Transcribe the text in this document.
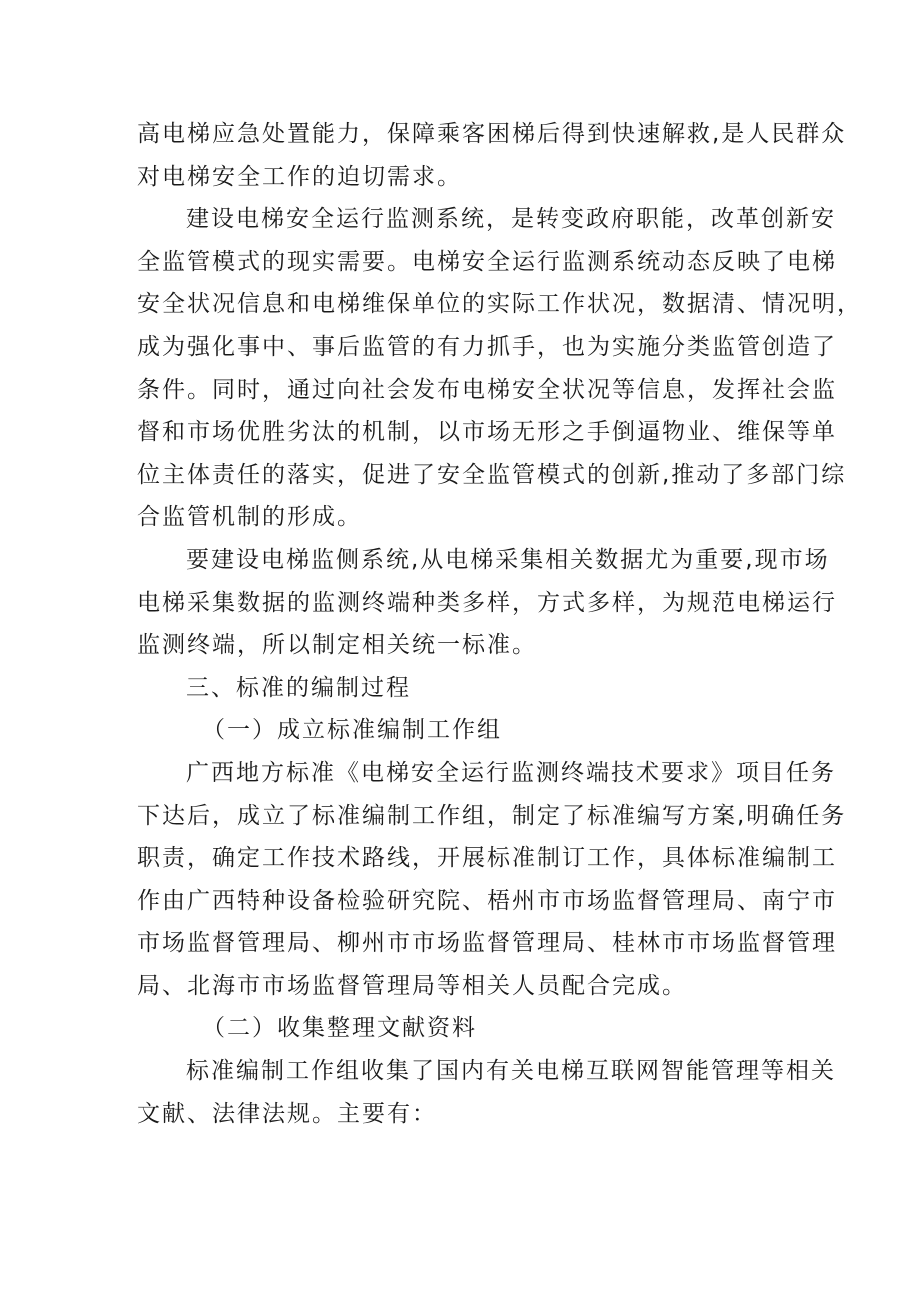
高电梯应急处置能力，保障乘客困梯后得到快速解救,是人民群众
对电梯安全工作的迫切需求。
建设电梯安全运行监测系统，是转变政府职能，改革创新安
全监管模式的现实需要。电梯安全运行监测系统动态反映了电梯
安全状况信息和电梯维保单位的实际工作状况，数据清、情况明，
成为强化事中、事后监管的有力抓手，也为实施分类监管创造了
条件。同时，通过向社会发布电梯安全状况等信息，发挥社会监
督和市场优胜劣汰的机制，以市场无形之手倒逼物业、维保等单
位主体责任的落实，促进了安全监管模式的创新,推动了多部门综
合监管机制的形成。
要建设电梯监侧系统,从电梯采集相关数据尤为重要,现市场
电梯采集数据的监测终端种类多样，方式多样，为规范电梯运行
监测终端，所以制定相关统一标准。
三、标准的编制过程
（一）成立标准编制工作组
广西地方标准《电梯安全运行监测终端技术要求》项目任务
下达后，成立了标准编制工作组，制定了标准编写方案,明确任务
职责，确定工作技术路线，开展标准制订工作，具体标准编制工
作由广西特种设备检验研究院、梧州市市场监督管理局、南宁市
市场监督管理局、柳州市市场监督管理局、桂林市市场监督管理
局、北海市市场监督管理局等相关人员配合完成。
（二）收集整理文献资料
标准编制工作组收集了国内有关电梯互联网智能管理等相关
文献、法律法规。主要有：
